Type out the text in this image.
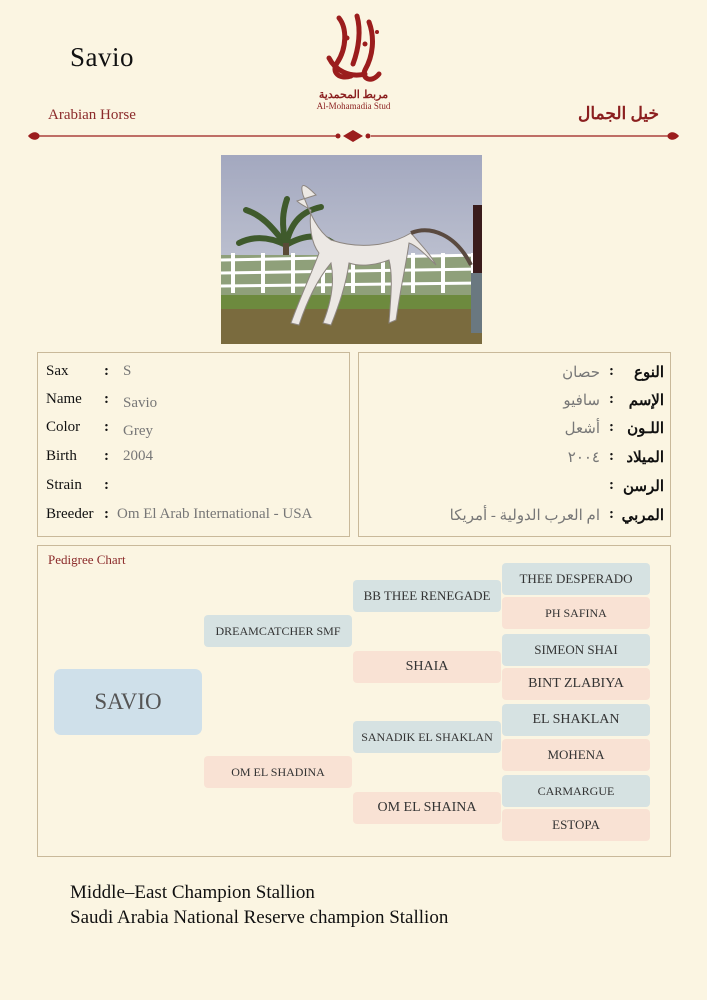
Savio
Arabian Horse	خيل الجمال
مربط المحمدية
Al-Mohamadia Stud
Sax : S
Name : Savio
Color : Grey
Birth : 2004
Strain :
Breeder : Om El Arab International - USA
النوع
:
حصان
الإسم
:
سافيو
اللـون
:
أشعل
الميلاد
:
٢٠٠٤
الرسن
:
المربي
:
ام العرب الدولية - أمريكا
Pedigree Chart
SAVIO
DREAMCATCHER SMF
OM EL SHADINA
BB THEE RENEGADE
SHAIA
SANADIK EL SHAKLAN
OM EL SHAINA
THEE DESPERADO
PH SAFINA
SIMEON SHAI
BINT ZLABIYA
EL SHAKLAN
MOHENA
CARMARGUE
ESTOPA
Middle–East Champion Stallion
Saudi Arabia National Reserve champion Stallion
